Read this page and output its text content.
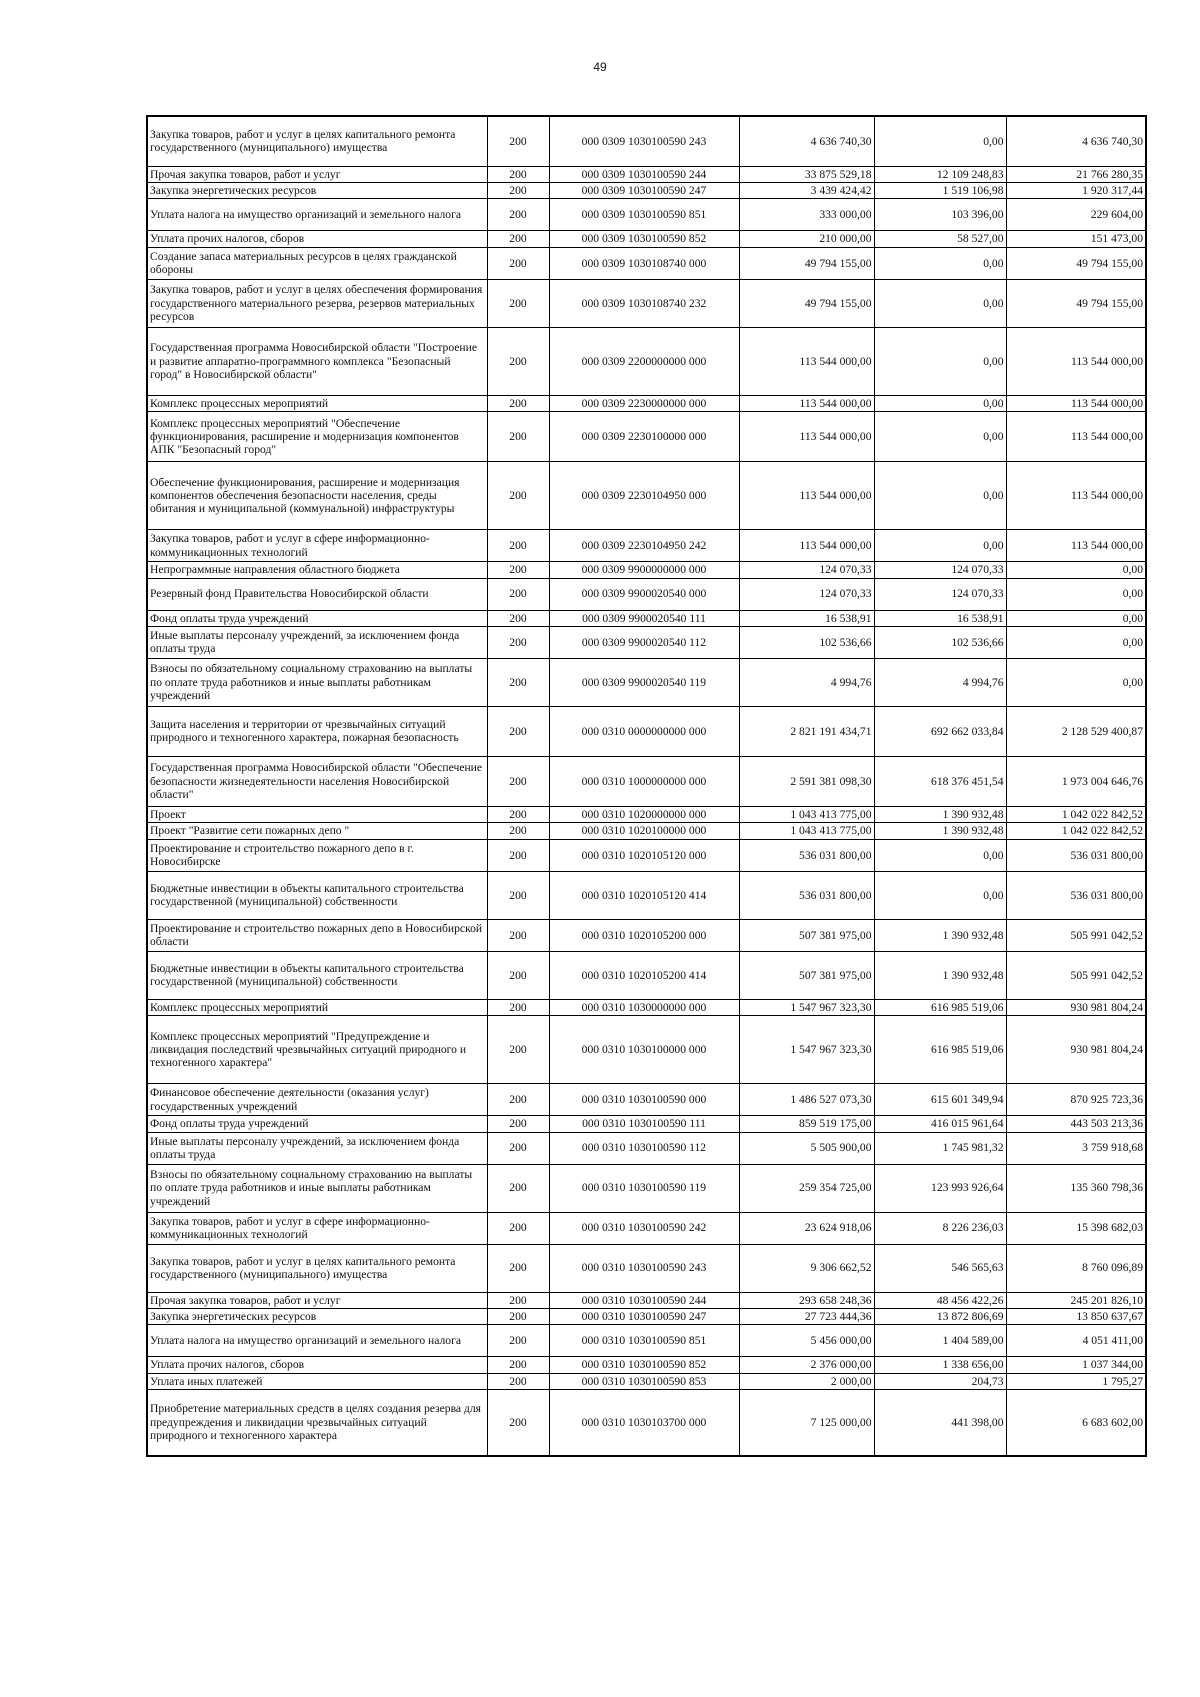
49
Закупка товаров, работ и услуг в целях капитального ремонта государственного (муниципального) имущества	200	000 0309 1030100590 243	4 636 740,30	0,00	4 636 740,30
Прочая закупка товаров, работ и услуг	200	000 0309 1030100590 244	33 875 529,18	12 109 248,83	21 766 280,35
Закупка энергетических ресурсов	200	000 0309 1030100590 247	3 439 424,42	1 519 106,98	1 920 317,44
Уплата налога на имущество организаций и земельного налога	200	000 0309 1030100590 851	333 000,00	103 396,00	229 604,00
Уплата прочих налогов, сборов	200	000 0309 1030100590 852	210 000,00	58 527,00	151 473,00
Создание запаса материальных ресурсов в целях гражданской обороны	200	000 0309 1030108740 000	49 794 155,00	0,00	49 794 155,00
Закупка товаров, работ и услуг в целях обеспечения формирования государственного материального резерва, резервов материальных ресурсов	200	000 0309 1030108740 232	49 794 155,00	0,00	49 794 155,00
Государственная программа Новосибирской области "Построение и развитие аппаратно-программного комплекса "Безопасный город" в Новосибирской области"	200	000 0309 2200000000 000	113 544 000,00	0,00	113 544 000,00
Комплекс процессных мероприятий	200	000 0309 2230000000 000	113 544 000,00	0,00	113 544 000,00
Комплекс процессных мероприятий "Обеспечение функционирования, расширение и модернизация компонентов АПК "Безопасный город"	200	000 0309 2230100000 000	113 544 000,00	0,00	113 544 000,00
Обеспечение функционирования, расширение и модернизация компонентов обеспечения безопасности населения, среды обитания и муниципальной (коммунальной) инфраструктуры	200	000 0309 2230104950 000	113 544 000,00	0,00	113 544 000,00
Закупка товаров, работ и услуг в сфере информационно-коммуникационных технологий	200	000 0309 2230104950 242	113 544 000,00	0,00	113 544 000,00
Непрограммные направления областного бюджета	200	000 0309 9900000000 000	124 070,33	124 070,33	0,00
Резервный фонд Правительства Новосибирской области	200	000 0309 9900020540 000	124 070,33	124 070,33	0,00
Фонд оплаты труда учреждений	200	000 0309 9900020540 111	16 538,91	16 538,91	0,00
Иные выплаты персоналу учреждений, за исключением фонда оплаты труда	200	000 0309 9900020540 112	102 536,66	102 536,66	0,00
Взносы по обязательному социальному страхованию на выплаты по оплате труда работников и иные выплаты работникам учреждений	200	000 0309 9900020540 119	4 994,76	4 994,76	0,00
Защита населения и территории от чрезвычайных ситуаций природного и техногенного характера, пожарная безопасность	200	000 0310 0000000000 000	2 821 191 434,71	692 662 033,84	2 128 529 400,87
Государственная программа Новосибирской области "Обеспечение безопасности жизнедеятельности населения Новосибирской области"	200	000 0310 1000000000 000	2 591 381 098,30	618 376 451,54	1 973 004 646,76
Проект	200	000 0310 1020000000 000	1 043 413 775,00	1 390 932,48	1 042 022 842,52
Проект "Развитие сети пожарных депо "	200	000 0310 1020100000 000	1 043 413 775,00	1 390 932,48	1 042 022 842,52
Проектирование и строительство пожарного депо в г. Новосибирске	200	000 0310 1020105120 000	536 031 800,00	0,00	536 031 800,00
Бюджетные инвестиции в объекты капитального строительства государственной (муниципальной) собственности	200	000 0310 1020105120 414	536 031 800,00	0,00	536 031 800,00
Проектирование и строительство пожарных депо в Новосибирской области	200	000 0310 1020105200 000	507 381 975,00	1 390 932,48	505 991 042,52
Бюджетные инвестиции в объекты капитального строительства государственной (муниципальной) собственности	200	000 0310 1020105200 414	507 381 975,00	1 390 932,48	505 991 042,52
Комплекс процессных мероприятий	200	000 0310 1030000000 000	1 547 967 323,30	616 985 519,06	930 981 804,24
Комплекс процессных мероприятий "Предупреждение и ликвидация последствий чрезвычайных ситуаций природного и техногенного характера"	200	000 0310 1030100000 000	1 547 967 323,30	616 985 519,06	930 981 804,24
Финансовое обеспечение деятельности (оказания услуг) государственных учреждений	200	000 0310 1030100590 000	1 486 527 073,30	615 601 349,94	870 925 723,36
Фонд оплаты труда учреждений	200	000 0310 1030100590 111	859 519 175,00	416 015 961,64	443 503 213,36
Иные выплаты персоналу учреждений, за исключением фонда оплаты труда	200	000 0310 1030100590 112	5 505 900,00	1 745 981,32	3 759 918,68
Взносы по обязательному социальному страхованию на выплаты по оплате труда работников и иные выплаты работникам учреждений	200	000 0310 1030100590 119	259 354 725,00	123 993 926,64	135 360 798,36
Закупка товаров, работ и услуг в сфере информационно-коммуникационных технологий	200	000 0310 1030100590 242	23 624 918,06	8 226 236,03	15 398 682,03
Закупка товаров, работ и услуг в целях капитального ремонта государственного (муниципального) имущества	200	000 0310 1030100590 243	9 306 662,52	546 565,63	8 760 096,89
Прочая закупка товаров, работ и услуг	200	000 0310 1030100590 244	293 658 248,36	48 456 422,26	245 201 826,10
Закупка энергетических ресурсов	200	000 0310 1030100590 247	27 723 444,36	13 872 806,69	13 850 637,67
Уплата налога на имущество организаций и земельного налога	200	000 0310 1030100590 851	5 456 000,00	1 404 589,00	4 051 411,00
Уплата прочих налогов, сборов	200	000 0310 1030100590 852	2 376 000,00	1 338 656,00	1 037 344,00
Уплата иных платежей	200	000 0310 1030100590 853	2 000,00	204,73	1 795,27
Приобретение материальных средств в целях создания резерва для предупреждения и ликвидации чрезвычайных ситуаций природного и техногенного характера	200	000 0310 1030103700 000	7 125 000,00	441 398,00	6 683 602,00
